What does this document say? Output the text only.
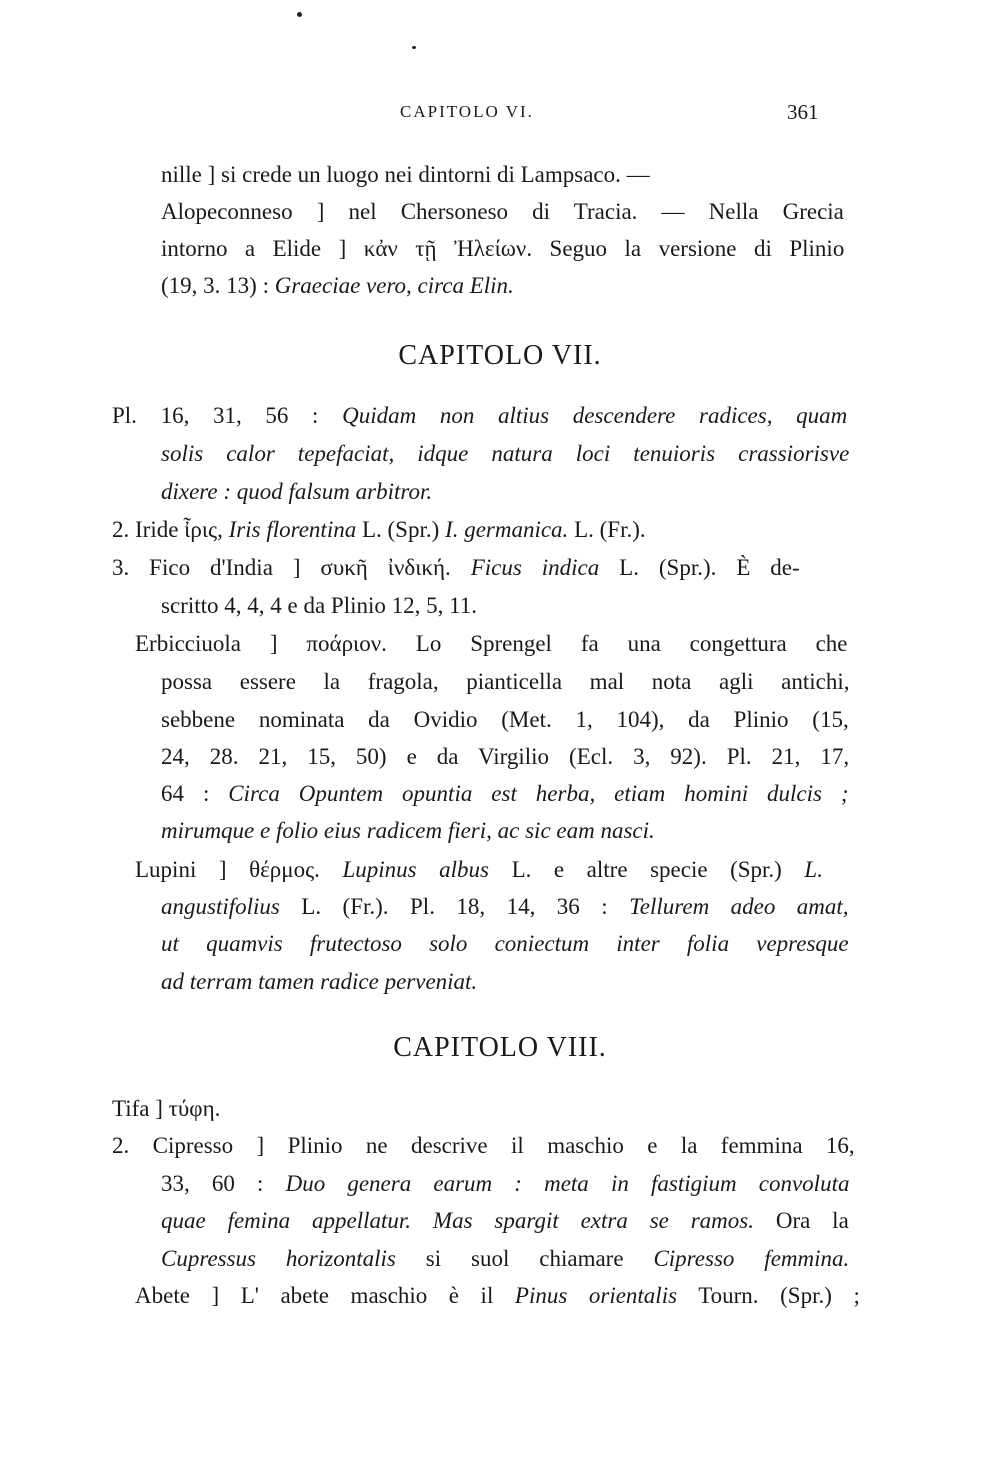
CAPITOLO VI.	361
nille ] si crede un luogo nei dintorni di Lampsaco. —
Alopeconneso ] nel Chersoneso di Tracia. — Nella Grecia
intorno a Elide ] κἀν τῇ Ἠλείων. Seguo la versione di Plinio
(19, 3. 13) : Graeciae vero, circa Elin.
CAPITOLO VII.
Pl. 16, 31, 56 : Quidam non altius descendere radices, quam
solis calor tepefaciat, idque natura loci tenuioris crassiorisve
dixere : quod falsum arbitror.
2. Iride ἶρις, Iris florentina L. (Spr.) I. germanica. L. (Fr.).
3. Fico d'India ] συκῆ ἰνδική. Ficus indica L. (Spr.). È de-
scritto 4, 4, 4 e da Plinio 12, 5, 11.
Erbicciuola ] ποάριον. Lo Sprengel fa una congettura che
possa essere la fragola, pianticella mal nota agli antichi,
sebbene nominata da Ovidio (Met. 1, 104), da Plinio (15,
24, 28. 21, 15, 50) e da Virgilio (Ecl. 3, 92). Pl. 21, 17,
64 : Circa Opuntem opuntia est herba, etiam homini dulcis ;
mirumque e folio eius radicem fieri, ac sic eam nasci.
Lupini ] θέρμος. Lupinus albus L. e altre specie (Spr.) L.
angustifolius L. (Fr.). Pl. 18, 14, 36 : Tellurem adeo amat,
ut quamvis frutectoso solo coniectum inter folia vepresque
ad terram tamen radice perveniat.
CAPITOLO VIII.
Tifa ] τύφη.
2. Cipresso ] Plinio ne descrive il maschio e la femmina 16,
33, 60 : Duo genera earum : meta in fastigium convoluta
quae femina appellatur. Mas spargit extra se ramos. Ora la
Cupressus horizontalis si suol chiamare Cipresso femmina.
Abete ] L' abete maschio è il Pinus orientalis Tourn. (Spr.) ;
